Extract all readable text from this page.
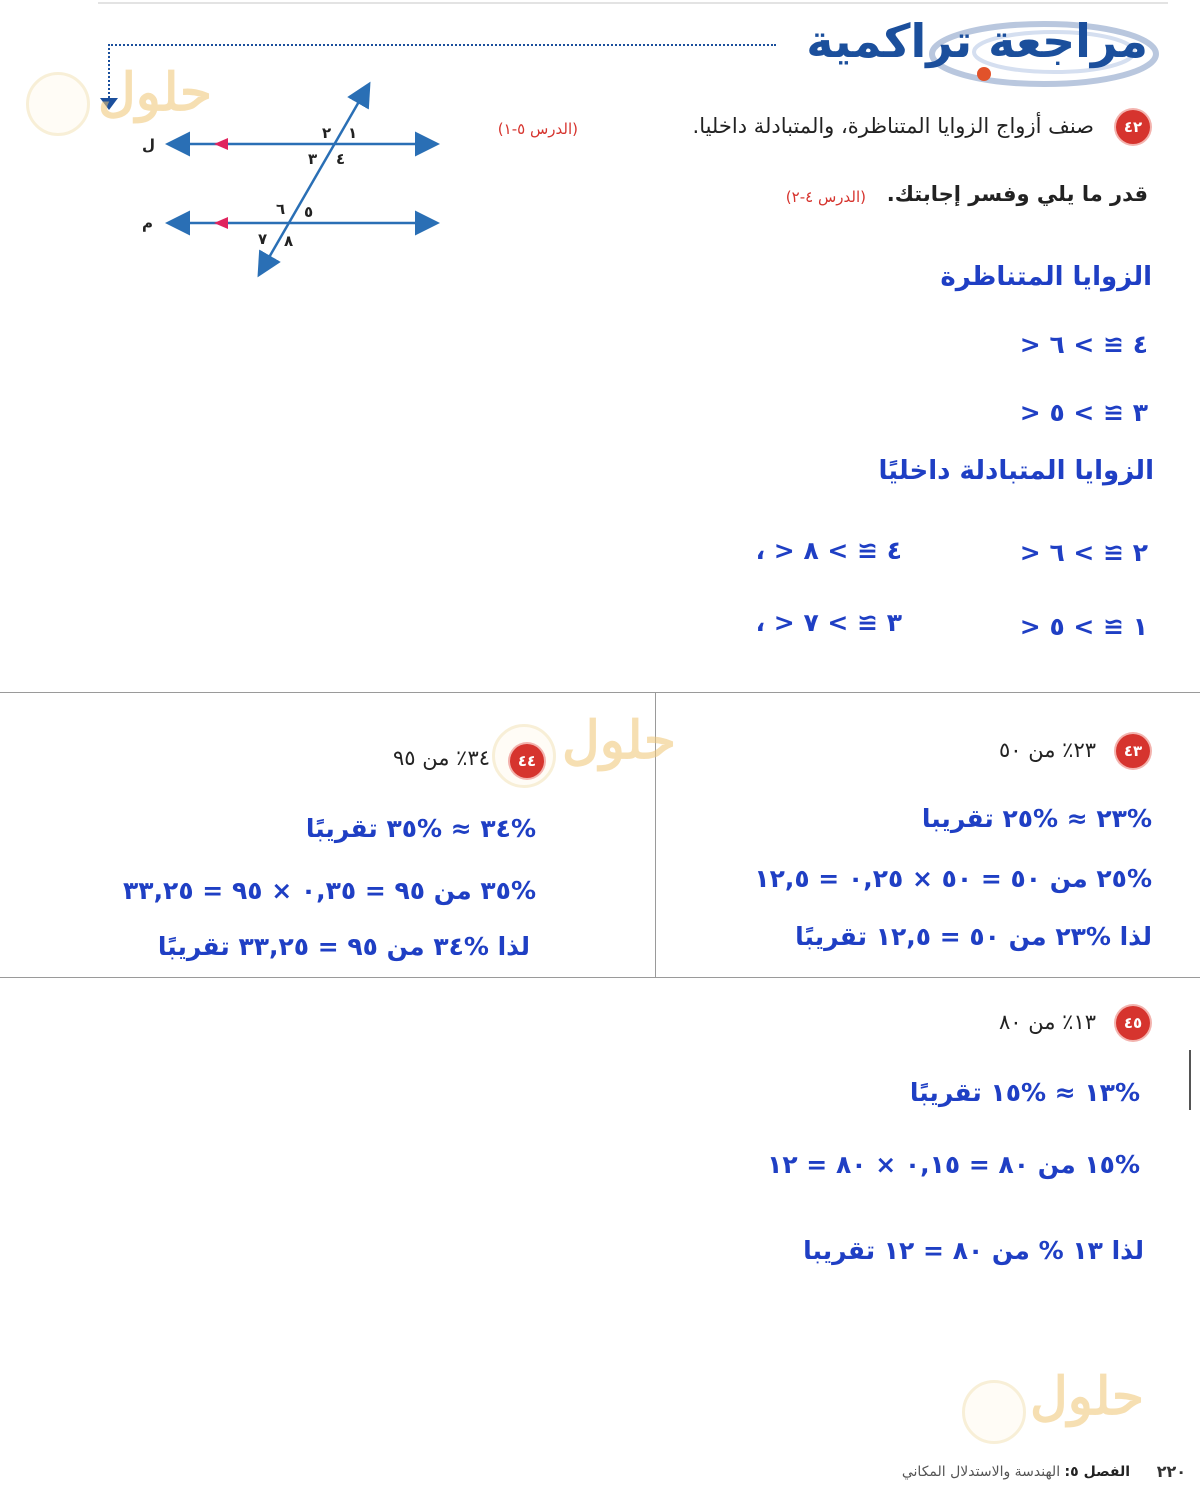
مراجعة تراكمية
حلول
ل
م
١
٢
٣ ٤
٥
٦
٧ ٨
٤٢
صنف أزواج الزوايا المتناظرة، والمتبادلة داخليا.
(الدرس ٥-١)
قدر ما يلي وفسر إجابتك.
(الدرس ٤-٢)
الزوايا المتناظرة
> ٤ ≅ > ٦
> ٣ ≅ > ٥
الزوايا المتبادلة داخليًا
> ٢ ≅ > ٦
> ١ ≅ > ٥
، > ٤ ≅ > ٨
، > ٣ ≅ > ٧
٤٣
٢٣٪ من ٥٠
%٢٣ ≈ %٢٥ تقريبا
%٢٥ من ٥٠ = ٥٠ × ٠,٢٥ = ١٢,٥
لذا %٢٣ من ٥٠ = ١٢,٥ تقريبًا
حلول
٤٤
٣٤٪ من ٩٥
%٣٤ ≈ %٣٥ تقريبًا
%٣٥ من ٩٥ = ٠,٣٥ × ٩٥ = ٣٣,٢٥
لذا %٣٤ من ٩٥ = ٣٣,٢٥ تقريبًا
٤٥
١٣٪ من ٨٠
%١٣ ≈ %١٥ تقريبًا
%١٥ من ٨٠ = ٠,١٥ × ٨٠ = ١٢
لذا ١٣ % من ٨٠ = ١٢ تقريبا
حلول
٢٢٠
الفصل ٥: الهندسة والاستدلال المكاني
